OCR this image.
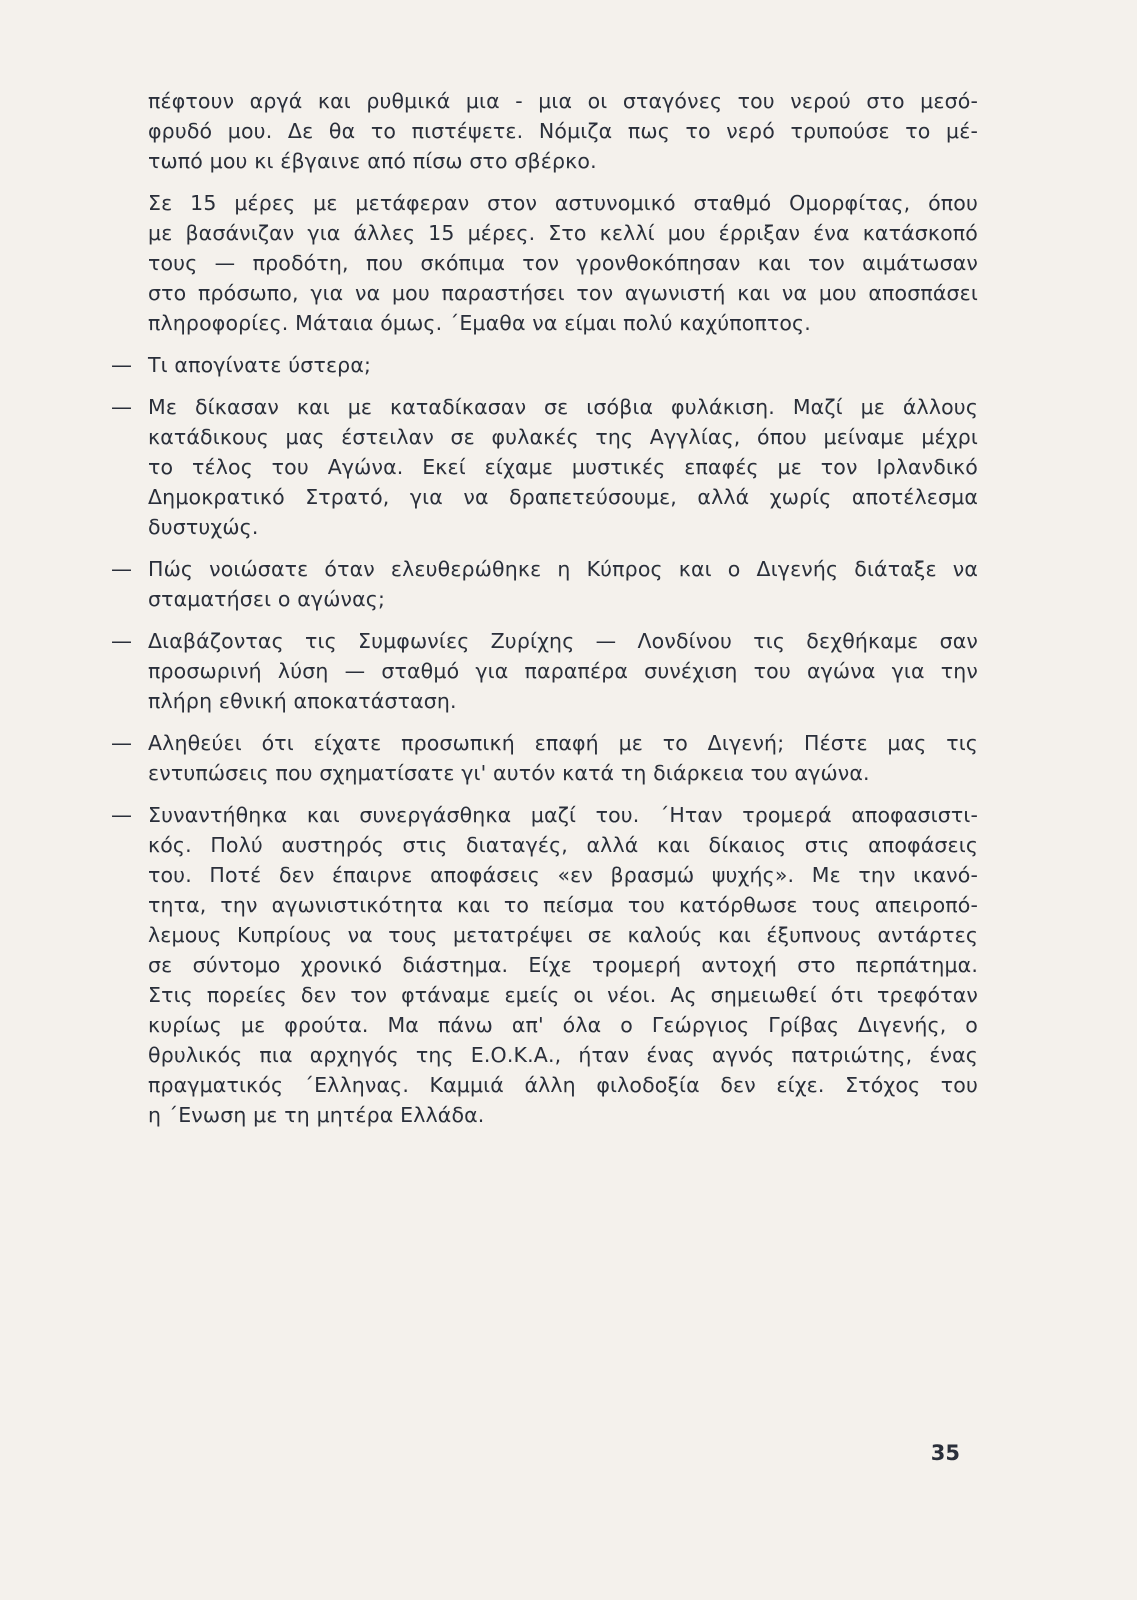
πέφτουν αργά και ρυθμικά μια - μια οι σταγόνες του νερού στο μεσό-
φρυδό μου. Δε θα το πιστέψετε. Νόμιζα πως το νερό τρυπούσε το μέ-
τωπό μου κι έβγαινε από πίσω στο σβέρκο.
Σε 15 μέρες με μετάφεραν στον αστυνομικό σταθμό Ομορφίτας, όπου
με βασάνιζαν για άλλες 15 μέρες. Στο κελλί μου έρριξαν ένα κατάσκοπό
τους — προδότη, που σκόπιμα τον γρονθοκόπησαν και τον αιμάτωσαν
στο πρόσωπο, για να μου παραστήσει τον αγωνιστή και να μου αποσπάσει
πληροφορίες. Μάταια όμως. ΄Εμαθα να είμαι πολύ καχύποπτος.
— Τι απογίνατε ύστερα;
— Με δίκασαν και με καταδίκασαν σε ισόβια φυλάκιση. Μαζί με άλλους
κατάδικους μας έστειλαν σε φυλακές της Αγγλίας, όπου μείναμε μέχρι
το τέλος του Αγώνα. Εκεί είχαμε μυστικές επαφές με τον Ιρλανδικό
Δημοκρατικό Στρατό, για να δραπετεύσουμε, αλλά χωρίς αποτέλεσμα
δυστυχώς.
— Πώς νοιώσατε όταν ελευθερώθηκε η Κύπρος και ο Διγενής διάταξε να
σταματήσει ο αγώνας;
— Διαβάζοντας τις Συμφωνίες Ζυρίχης — Λονδίνου τις δεχθήκαμε σαν
προσωρινή λύση — σταθμό για παραπέρα συνέχιση του αγώνα για την
πλήρη εθνική αποκατάσταση.
— Αληθεύει ότι είχατε προσωπική επαφή με το Διγενή; Πέστε μας τις
εντυπώσεις που σχηματίσατε γι' αυτόν κατά τη διάρκεια του αγώνα.
— Συναντήθηκα και συνεργάσθηκα μαζί του. ΄Ηταν τρομερά αποφασιστι-
κός. Πολύ αυστηρός στις διαταγές, αλλά και δίκαιος στις αποφάσεις
του. Ποτέ δεν έπαιρνε αποφάσεις «εν βρασμώ ψυχής». Με την ικανό-
τητα, την αγωνιστικότητα και το πείσμα του κατόρθωσε τους απειροπό-
λεμους Κυπρίους να τους μετατρέψει σε καλούς και έξυπνους αντάρτες
σε σύντομο χρονικό διάστημα. Είχε τρομερή αντοχή στο περπάτημα.
Στις πορείες δεν τον φτάναμε εμείς οι νέοι. Ας σημειωθεί ότι τρεφόταν
κυρίως με φρούτα. Μα πάνω απ' όλα ο Γεώργιος Γρίβας Διγενής, ο
θρυλικός πια αρχηγός της Ε.Ο.Κ.Α., ήταν ένας αγνός πατριώτης, ένας
πραγματικός ΄Ελληνας. Καμμιά άλλη φιλοδοξία δεν είχε. Στόχος του
η ΄Ενωση με τη μητέρα Ελλάδα.
35
